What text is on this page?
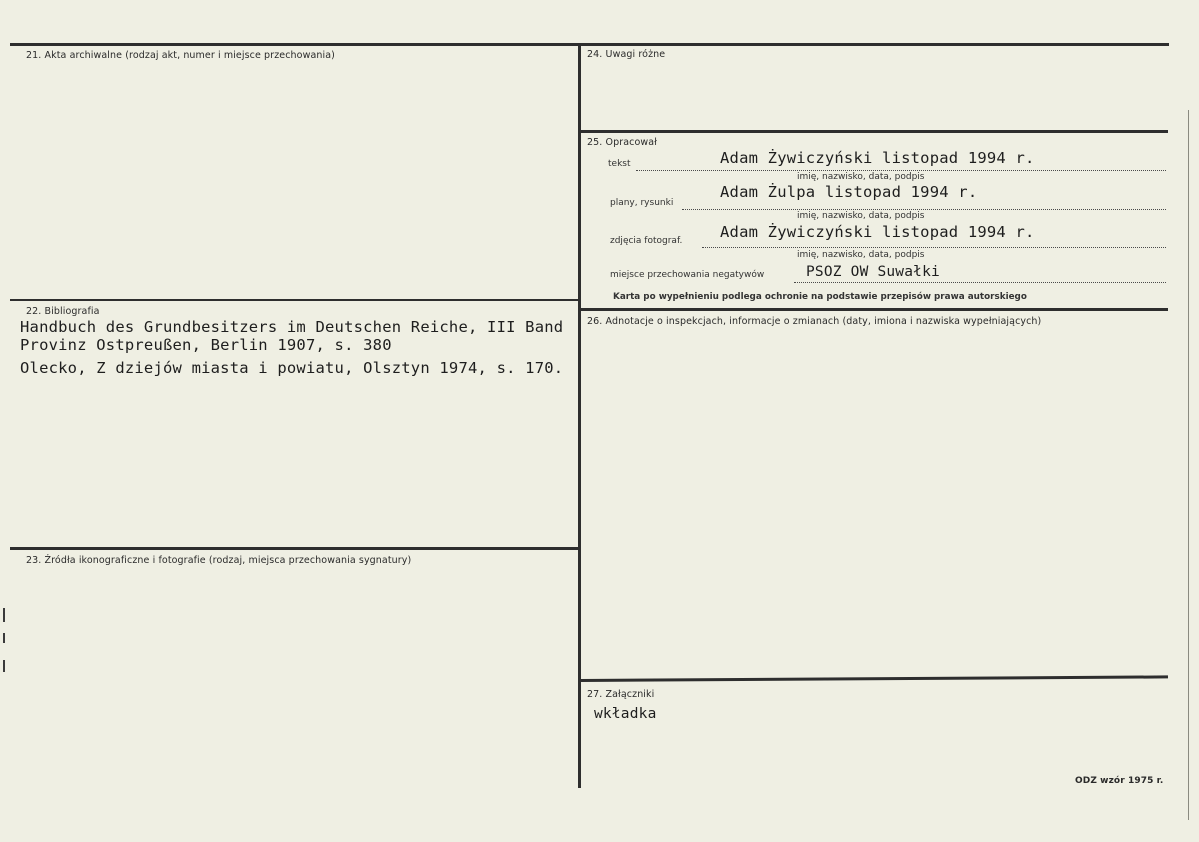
21. Akta archiwalne (rodzaj akt, numer i miejsce przechowania)
22. Bibliografia
Handbuch des Grundbesitzers im Deutschen Reiche, III Band
Provinz Ostpreußen, Berlin 1907, s. 380
Olecko, Z dziejów miasta i powiatu, Olsztyn 1974, s. 170.
23. Źródła ikonograficzne i fotografie (rodzaj, miejsca przechowania sygnatury)
24. Uwagi różne
25. Opracował
tekst	Adam Żywiczyński listopad 1994 r.
imię, nazwisko, data, podpis
plany, rysunki
Adam Żulpa listopad 1994 r.
imię, nazwisko, data, podpis
zdjęcia fotograf. Adam Żywiczyński listopad 1994 r.
imię, nazwisko, data, podpis
miejsce przechowania negatywów	PSOZ OW Suwałki
Karta po wypełnieniu podlega ochronie na podstawie przepisów prawa autorskiego
26. Adnotacje o inspekcjach, informacje o zmianach (daty, imiona i nazwiska wypełniających)
27. Załączniki
wkładka
ODZ wzór 1975 r.
